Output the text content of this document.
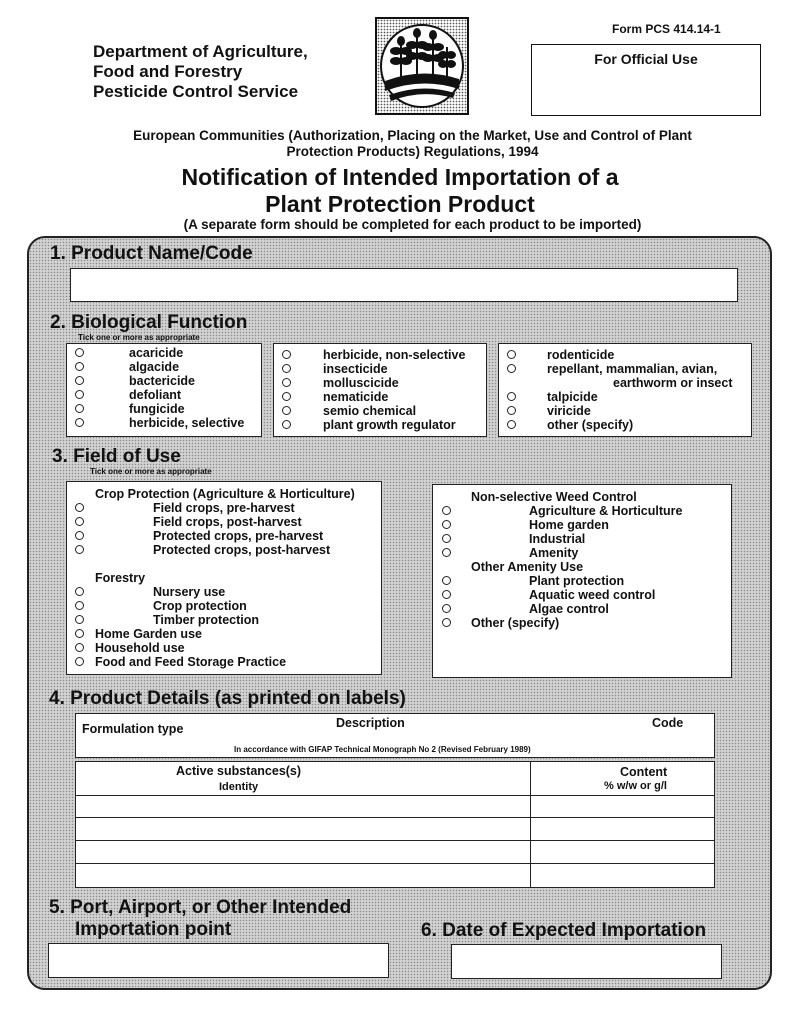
Department of Agriculture,
Food and Forestry
Pesticide Control Service
Form PCS 414.14-1
For Official Use
European Communities (Authorization, Placing on the Market, Use and Control of Plant
Protection Products) Regulations, 1994
Notification of Intended Importation of a
Plant Protection Product
(A separate form should be completed for each product to be imported)
1. Product Name/Code
2. Biological Function
Tick one or more as appropriate
acaricide
algacide
bactericide
defoliant
fungicide
herbicide, selective
herbicide, non-selective
insecticide
molluscicide
nematicide
semio chemical
plant growth regulator
rodenticide
repellant, mammalian, avian,
earthworm or insect
talpicide
viricide
other (specify)
3. Field of Use
Tick one or more as appropriate
Crop Protection (Agriculture & Horticulture)
Field crops, pre-harvest
Field crops, post-harvest
Protected crops, pre-harvest
Protected crops, post-harvest
Forestry
Nursery use
Crop protection
Timber protection
Home Garden use
Household use
Food and Feed Storage Practice
Non-selective Weed Control
Agriculture & Horticulture
Home garden
Industrial
Amenity
Other Amenity Use
Plant protection
Aquatic weed control
Algae control
Other (specify)
4. Product Details (as printed on labels)
Formulation type	Description	Code
In accordance with GIFAP Technical Monograph No 2 (Revised February 1989)
Active substances(s)
Identity
Content
% w/w or g/l
5. Port, Airport, or Other Intended
Importation point	6. Date of Expected Importation
